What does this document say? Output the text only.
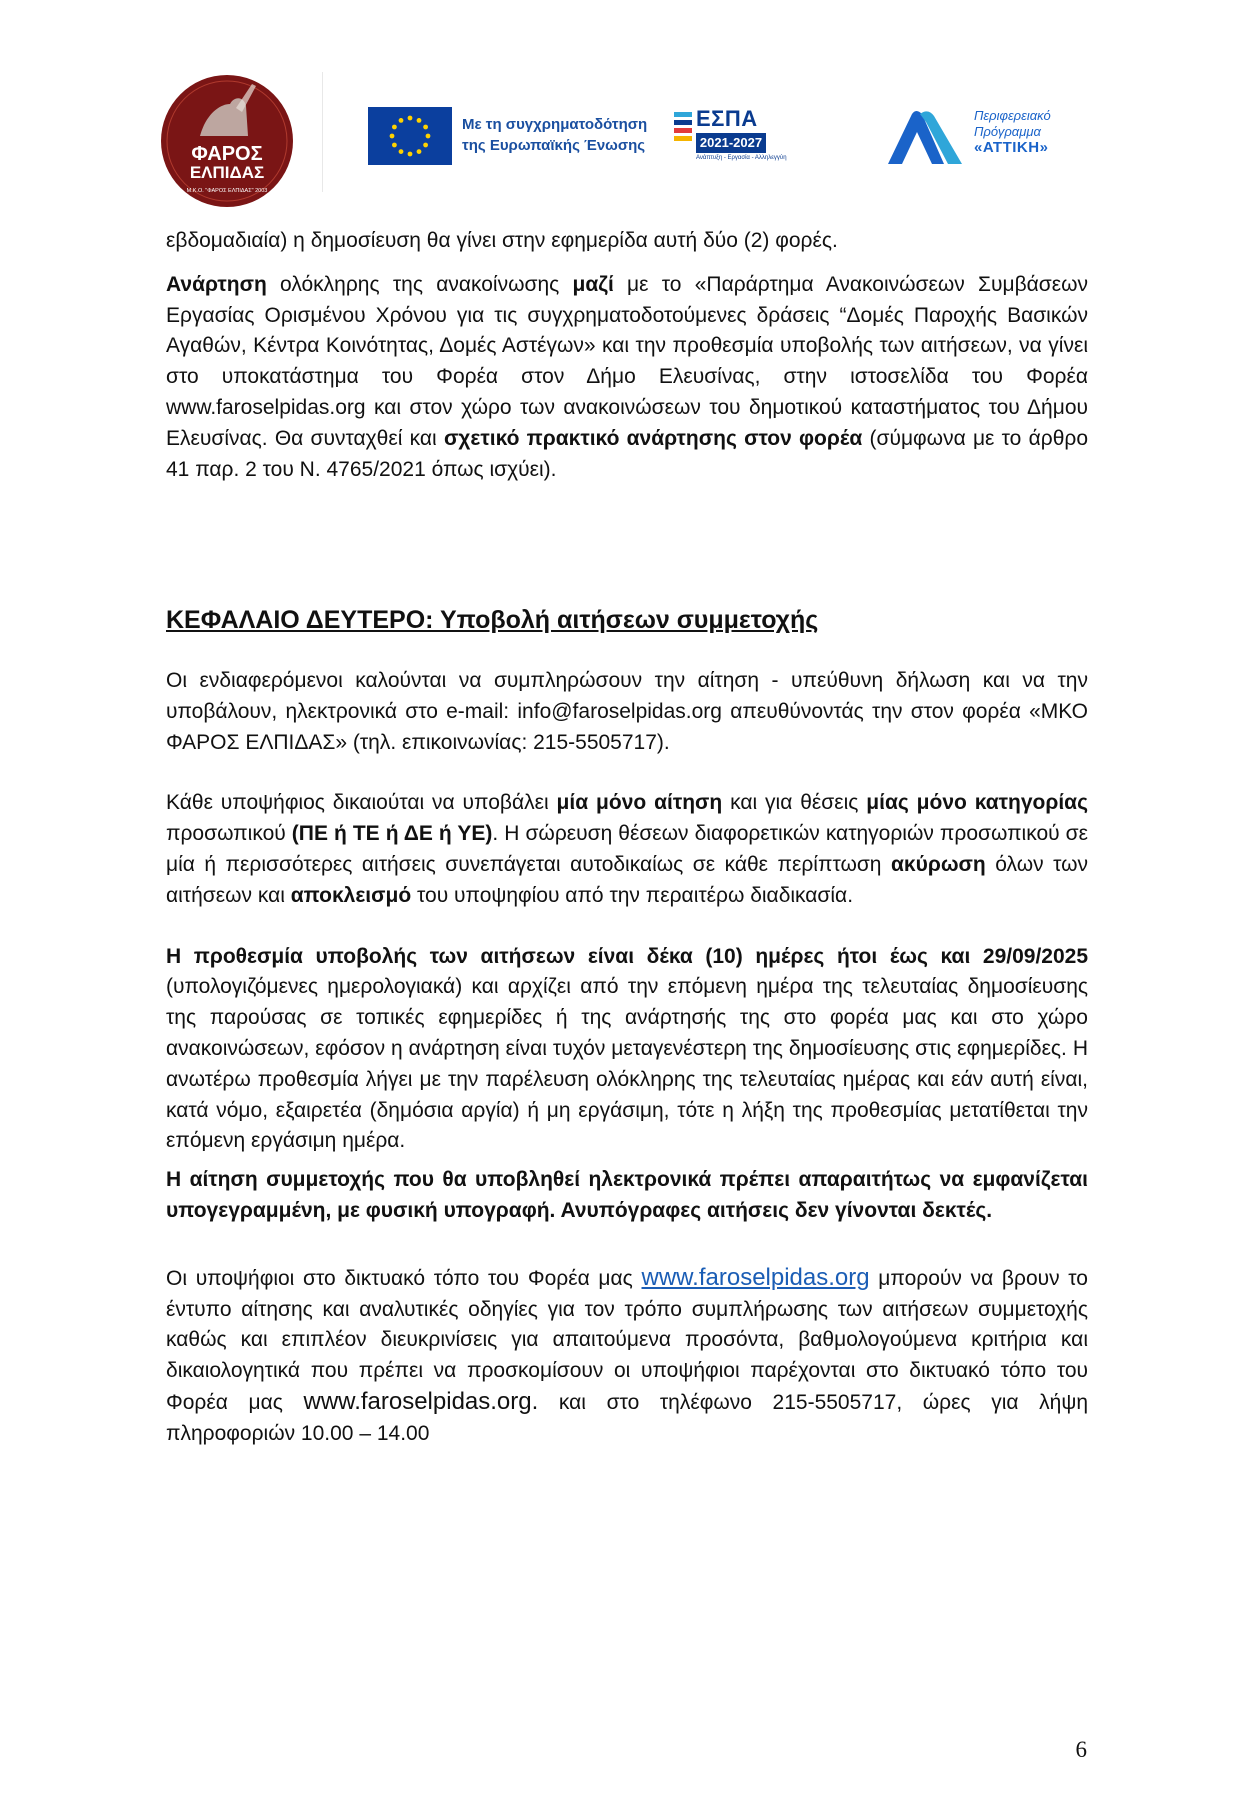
ΦΑΡΟΣ
ΕΛΠΙΔΑΣ
Μ.Κ.Ο. "ΦΑΡΟΣ ΕΛΠΙΔΑΣ" 2003
Με τη συγχρηματοδότηση
της Ευρωπαϊκής Ένωσης
ΕΣΠΑ
2021-2027
Ανάπτυξη - Εργασία - Αλληλεγγύη
Περιφερειακό
Πρόγραμμα
«ΑΤΤΙΚΗ»

εβδομαδιαία) η δημοσίευση θα γίνει στην εφημερίδα αυτή δύο (2) φορές.

Ανάρτηση ολόκληρης της ανακοίνωσης μαζί με το «Παράρτημα Ανακοινώσεων Συμβάσεων Εργασίας Ορισμένου Χρόνου για τις συγχρηματοδοτούμενες δράσεις “Δομές Παροχής Βασικών Αγαθών, Κέντρα Κοινότητας, Δομές Αστέγων» και την προθεσμία υποβολής των αιτήσεων, να γίνει στο υποκατάστημα του Φορέα στον Δήμο Ελευσίνας, στην ιστοσελίδα του Φορέα www.faroselpidas.org και στον χώρο των ανακοινώσεων του δημοτικού καταστήματος του Δήμου Ελευσίνας. Θα συνταχθεί και σχετικό πρακτικό ανάρτησης στον φορέα (σύμφωνα με το άρθρο 41 παρ. 2 του Ν. 4765/2021 όπως ισχύει).

ΚΕΦΑΛΑΙΟ ΔΕΥΤΕΡΟ: Υποβολή αιτήσεων συμμετοχής

Οι ενδιαφερόμενοι καλούνται να συμπληρώσουν την αίτηση - υπεύθυνη δήλωση και να την υποβάλουν, ηλεκτρονικά στο e-mail: info@faroselpidas.org απευθύνοντάς την στον φορέα «ΜΚΟ ΦΑΡΟΣ ΕΛΠΙΔΑΣ» (τηλ. επικοινωνίας: 215-5505717).

Κάθε υποψήφιος δικαιούται να υποβάλει μία μόνο αίτηση και για θέσεις μίας μόνο κατηγορίας προσωπικού (ΠΕ ή ΤΕ ή ΔΕ ή ΥΕ). Η σώρευση θέσεων διαφορετικών κατηγοριών προσωπικού σε μία ή περισσότερες αιτήσεις συνεπάγεται αυτοδικαίως σε κάθε περίπτωση ακύρωση όλων των αιτήσεων και αποκλεισμό του υποψηφίου από την περαιτέρω διαδικασία.

Η προθεσμία υποβολής των αιτήσεων είναι δέκα (10) ημέρες ήτοι έως και 29/09/2025 (υπολογιζόμενες ημερολογιακά) και αρχίζει από την επόμενη ημέρα της τελευταίας δημοσίευσης της παρούσας σε τοπικές εφημερίδες ή της ανάρτησής της στο φορέα μας και στο χώρο ανακοινώσεων, εφόσον η ανάρτηση είναι τυχόν μεταγενέστερη της δημοσίευσης στις εφημερίδες. Η ανωτέρω προθεσμία λήγει με την παρέλευση ολόκληρης της τελευταίας ημέρας και εάν αυτή είναι, κατά νόμο, εξαιρετέα (δημόσια αργία) ή μη εργάσιμη, τότε η λήξη της προθεσμίας μετατίθεται την επόμενη εργάσιμη ημέρα.

Η αίτηση συμμετοχής που θα υποβληθεί ηλεκτρονικά πρέπει απαραιτήτως να εμφανίζεται υπογεγραμμένη, με φυσική υπογραφή. Ανυπόγραφες αιτήσεις δεν γίνονται δεκτές.

Οι υποψήφιοι στο δικτυακό τόπο του Φορέα μας www.faroselpidas.org μπορούν να βρουν το έντυπο αίτησης και αναλυτικές οδηγίες για τον τρόπο συμπλήρωσης των αιτήσεων συμμετοχής καθώς και επιπλέον διευκρινίσεις για απαιτούμενα προσόντα, βαθμολογούμενα κριτήρια και δικαιολογητικά που πρέπει να προσκομίσουν οι υποψήφιοι παρέχονται στο δικτυακό τόπο του Φορέα μας www.faroselpidas.org. και στο τηλέφωνο 215-5505717, ώρες για λήψη πληροφοριών 10.00 – 14.00

6
